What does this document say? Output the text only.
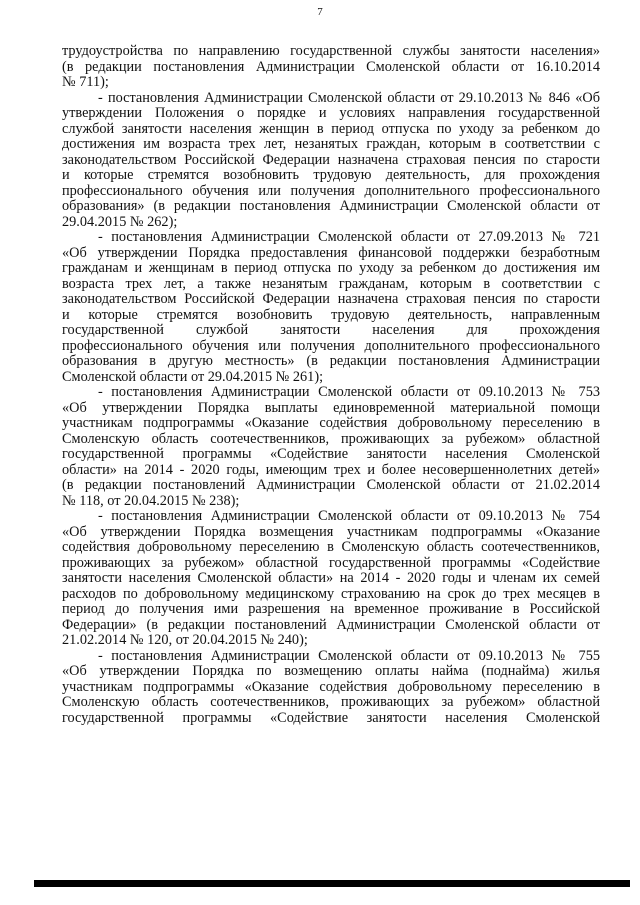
7
трудоустройства по направлению государственной службы занятости населения»
(в редакции постановления Администрации Смоленской области от 16.10.2014
№ 711);
- постановления Администрации Смоленской области от 29.10.2013 № 846 «Об
утверждении Положения о порядке и условиях направления государственной
службой занятости населения женщин в период отпуска по уходу за ребенком до
достижения им возраста трех лет, незанятых граждан, которым в соответствии с
законодательством Российской Федерации назначена страховая пенсия по старости
и которые стремятся возобновить трудовую деятельность, для прохождения
профессионального обучения или получения дополнительного профессионального
образования» (в редакции постановления Администрации Смоленской области от
29.04.2015 № 262);
- постановления Администрации Смоленской области от 27.09.2013 № 721
«Об утверждении Порядка предоставления финансовой поддержки безработным
гражданам и женщинам в период отпуска по уходу за ребенком до достижения им
возраста трех лет, а также незанятым гражданам, которым в соответствии с
законодательством Российской Федерации назначена страховая пенсия по старости
и которые стремятся возобновить трудовую деятельность, направленным
государственной службой занятости населения для прохождения
профессионального обучения или получения дополнительного профессионального
образования в другую местность» (в редакции постановления Администрации
Смоленской области от 29.04.2015 № 261);
- постановления Администрации Смоленской области от 09.10.2013 № 753
«Об утверждении Порядка выплаты единовременной материальной помощи
участникам подпрограммы «Оказание содействия добровольному переселению в
Смоленскую область соотечественников, проживающих за рубежом» областной
государственной программы «Содействие занятости населения Смоленской
области» на 2014 - 2020 годы, имеющим трех и более несовершеннолетних детей»
(в редакции постановлений Администрации Смоленской области от 21.02.2014
№ 118, от 20.04.2015 № 238);
- постановления Администрации Смоленской области от 09.10.2013 № 754
«Об утверждении Порядка возмещения участникам подпрограммы «Оказание
содействия добровольному переселению в Смоленскую область соотечественников,
проживающих за рубежом» областной государственной программы «Содействие
занятости населения Смоленской области» на 2014 - 2020 годы и членам их семей
расходов по добровольному медицинскому страхованию на срок до трех месяцев в
период до получения ими разрешения на временное проживание в Российской
Федерации» (в редакции постановлений Администрации Смоленской области от
21.02.2014 № 120, от 20.04.2015 № 240);
- постановления Администрации Смоленской области от 09.10.2013 № 755
«Об утверждении Порядка по возмещению оплаты найма (поднайма) жилья
участникам подпрограммы «Оказание содействия добровольному переселению в
Смоленскую область соотечественников, проживающих за рубежом» областной
государственной программы «Содействие занятости населения Смоленской
